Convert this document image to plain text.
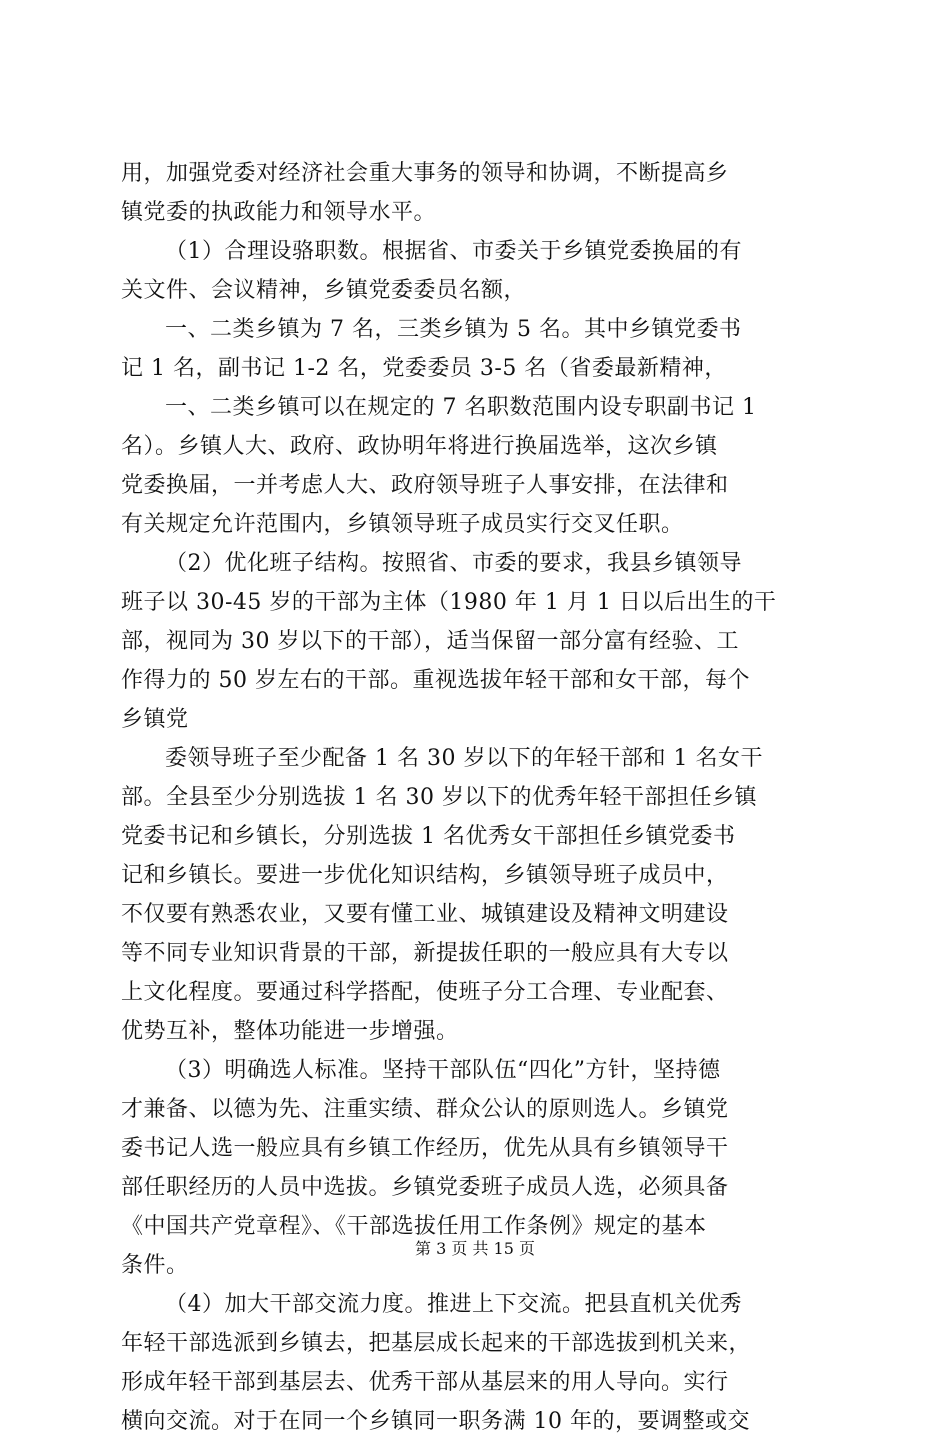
用，加强党委对经济社会重大事务的领导和协调，不断提高乡
镇党委的执政能力和领导水平。
（1）合理设骆职数。根据省、市委关于乡镇党委换届的有
关文件、会议精神，乡镇党委委员名额，
一、二类乡镇为 7 名，三类乡镇为 5 名。其中乡镇党委书
记 1 名，副书记 1-2 名，党委委员 3-5 名（省委最新精神，
一、二类乡镇可以在规定的 7 名职数范围内设专职副书记 1
名）。乡镇人大、政府、政协明年将进行换届选举，这次乡镇
党委换届，一并考虑人大、政府领导班子人事安排，在法律和
有关规定允许范围内，乡镇领导班子成员实行交叉任职。
（2）优化班子结构。按照省、市委的要求，我县乡镇领导
班子以 30-45 岁的干部为主体（1980 年 1 月 1 日以后出生的干
部，视同为 30 岁以下的干部），适当保留一部分富有经验、工
作得力的 50 岁左右的干部。重视选拔年轻干部和女干部，每个
乡镇党
委领导班子至少配备 1 名 30 岁以下的年轻干部和 1 名女干
部。全县至少分别选拔 1 名 30 岁以下的优秀年轻干部担任乡镇
党委书记和乡镇长，分别选拔 1 名优秀女干部担任乡镇党委书
记和乡镇长。要进一步优化知识结构，乡镇领导班子成员中，
不仅要有熟悉农业，又要有懂工业、城镇建设及精神文明建设
等不同专业知识背景的干部，新提拔任职的一般应具有大专以
上文化程度。要通过科学搭配，使班子分工合理、专业配套、
优势互补，整体功能进一步增强。
（3）明确选人标准。坚持干部队伍“四化”方针，坚持德
才兼备、以德为先、注重实绩、群众公认的原则选人。乡镇党
委书记人选一般应具有乡镇工作经历，优先从具有乡镇领导干
部任职经历的人员中选拔。乡镇党委班子成员人选，必须具备
《中国共产党章程》、《干部选拔任用工作条例》规定的基本
条件。
（4）加大干部交流力度。推进上下交流。把县直机关优秀
年轻干部选派到乡镇去，把基层成长起来的干部选拔到机关来，
形成年轻干部到基层去、优秀干部从基层来的用人导向。实行
横向交流。对于在同一个乡镇同一职务满 10 年的，要调整或交
第 3 页 共 15 页
